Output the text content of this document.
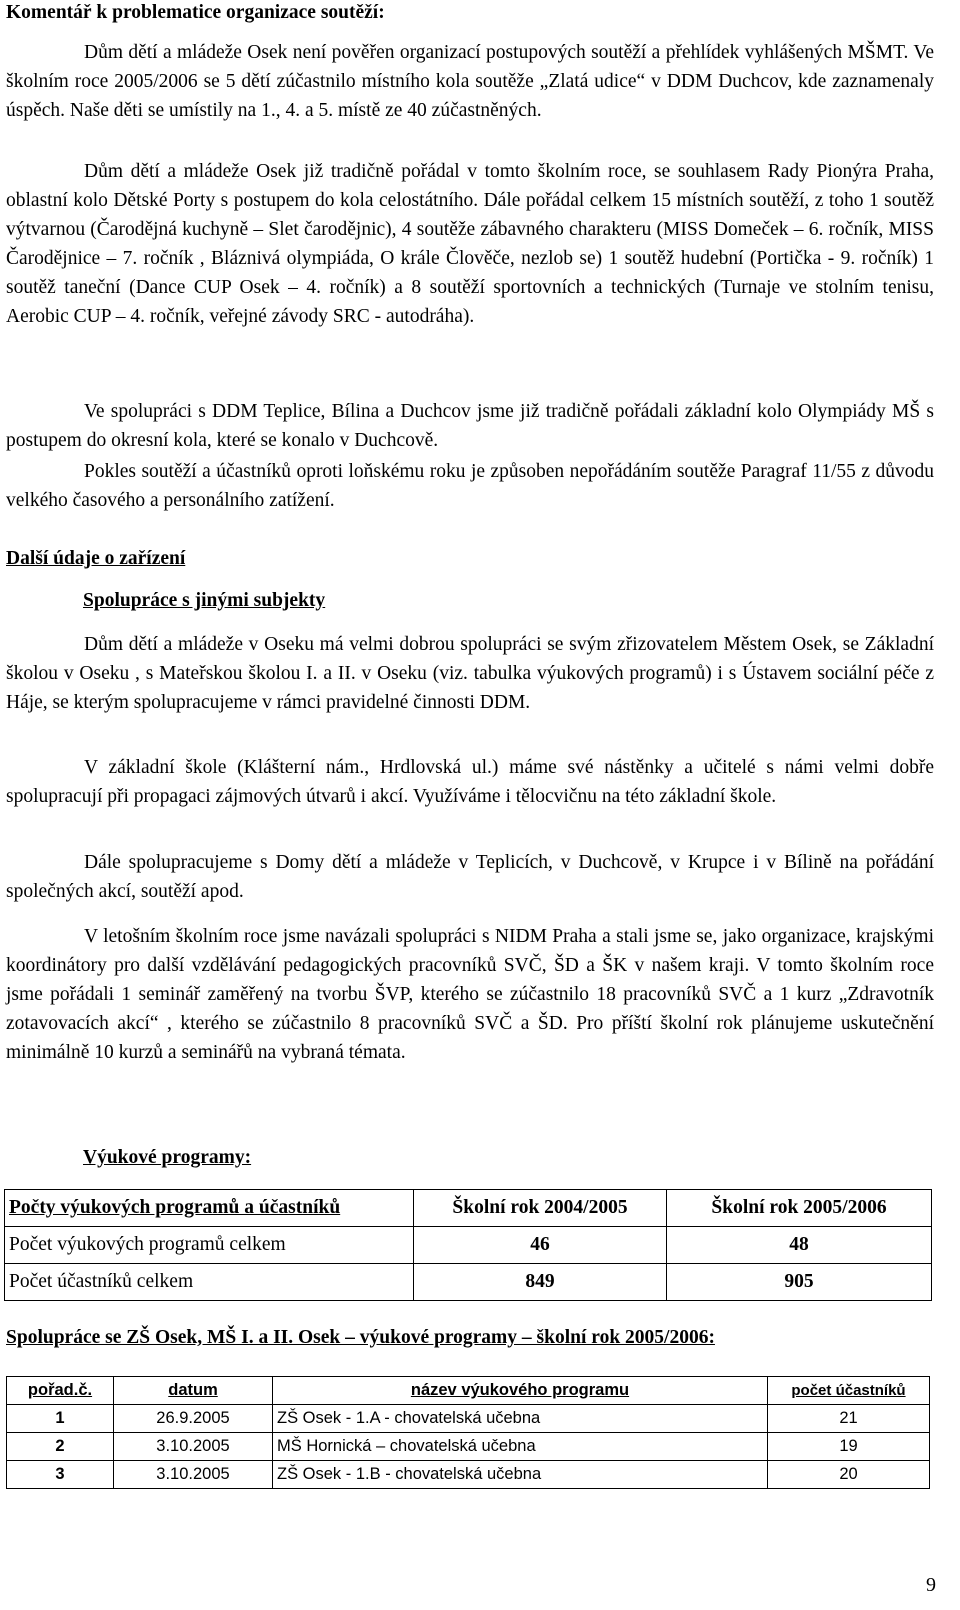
Komentář k problematice organizace soutěží:

Dům dětí a mládeže Osek není pověřen organizací postupových soutěží a přehlídek vyhlášených MŠMT. Ve školním roce 2005/2006 se 5 dětí zúčastnilo místního kola soutěže „Zlatá udice“ v DDM Duchcov, kde zaznamenaly úspěch. Naše děti se umístily na 1., 4. a 5. místě ze 40 zúčastněných.

Dům dětí a mládeže Osek již tradičně pořádal v tomto školním roce, se souhlasem Rady Pionýra Praha, oblastní kolo Dětské Porty s postupem do kola celostátního. Dále pořádal celkem 15 místních soutěží, z toho 1 soutěž výtvarnou (Čarodějná kuchyně – Slet čarodějnic), 4 soutěže zábavného charakteru (MISS Domeček – 6. ročník, MISS Čarodějnice – 7. ročník , Bláznivá olympiáda, O krále Člověče, nezlob se) 1 soutěž hudební (Portička - 9. ročník) 1 soutěž taneční (Dance CUP Osek – 4. ročník) a 8 soutěží sportovních a technických (Turnaje ve stolním tenisu, Aerobic CUP – 4. ročník, veřejné závody SRC - autodráha).

Ve spolupráci s DDM Teplice, Bílina a Duchcov jsme již tradičně pořádali základní kolo Olympiády MŠ s postupem do okresní kola, které se konalo v Duchcově.

Pokles soutěží a účastníků oproti loňskému roku je způsoben nepořádáním soutěže Paragraf 11/55 z důvodu velkého časového a personálního zatížení.

Další údaje o zařízení
Spolupráce s jinými subjekty

Dům dětí a mládeže v Oseku má velmi dobrou spolupráci se svým zřizovatelem Městem Osek, se Základní školou v Oseku , s Mateřskou školou I. a II. v Oseku (viz. tabulka výukových programů) i s Ústavem sociální péče z Háje, se kterým spolupracujeme v rámci pravidelné činnosti DDM.

V základní škole (Klášterní nám., Hrdlovská ul.) máme své nástěnky a učitelé s námi velmi dobře spolupracují při propagaci zájmových útvarů i akcí. Využíváme i tělocvičnu na této základní škole.

Dále spolupracujeme s Domy dětí a mládeže v Teplicích, v Duchcově, v Krupce i v Bílině na pořádání společných akcí, soutěží apod.

V letošním školním roce jsme navázali spolupráci s NIDM Praha a stali jsme se, jako organizace, krajskými koordinátory pro další vzdělávání pedagogických pracovníků SVČ, ŠD a ŠK v našem kraji. V tomto školním roce jsme pořádali 1 seminář zaměřený na tvorbu ŠVP, kterého se zúčastnilo 18 pracovníků SVČ a 1 kurz „Zdravotník zotavovacích akcí“ , kterého se zúčastnilo 8 pracovníků SVČ a ŠD. Pro příští školní rok plánujeme uskutečnění minimálně 10 kurzů a seminářů na vybraná témata.

Výukové programy:
Počty výukových programů a účastníků	Školní rok 2004/2005	Školní rok 2005/2006
Počet výukových programů celkem	46	48
Počet účastníků celkem	849	905
Spolupráce se ZŠ Osek, MŠ I. a II. Osek – výukové programy – školní rok 2005/2006:
pořad.č.	datum	název výukového programu	počet účastníků
1	26.9.2005	ZŠ Osek - 1.A - chovatelská učebna	21
2	3.10.2005	MŠ Hornická – chovatelská učebna	19
3	3.10.2005	ZŠ Osek - 1.B - chovatelská učebna	20
9
